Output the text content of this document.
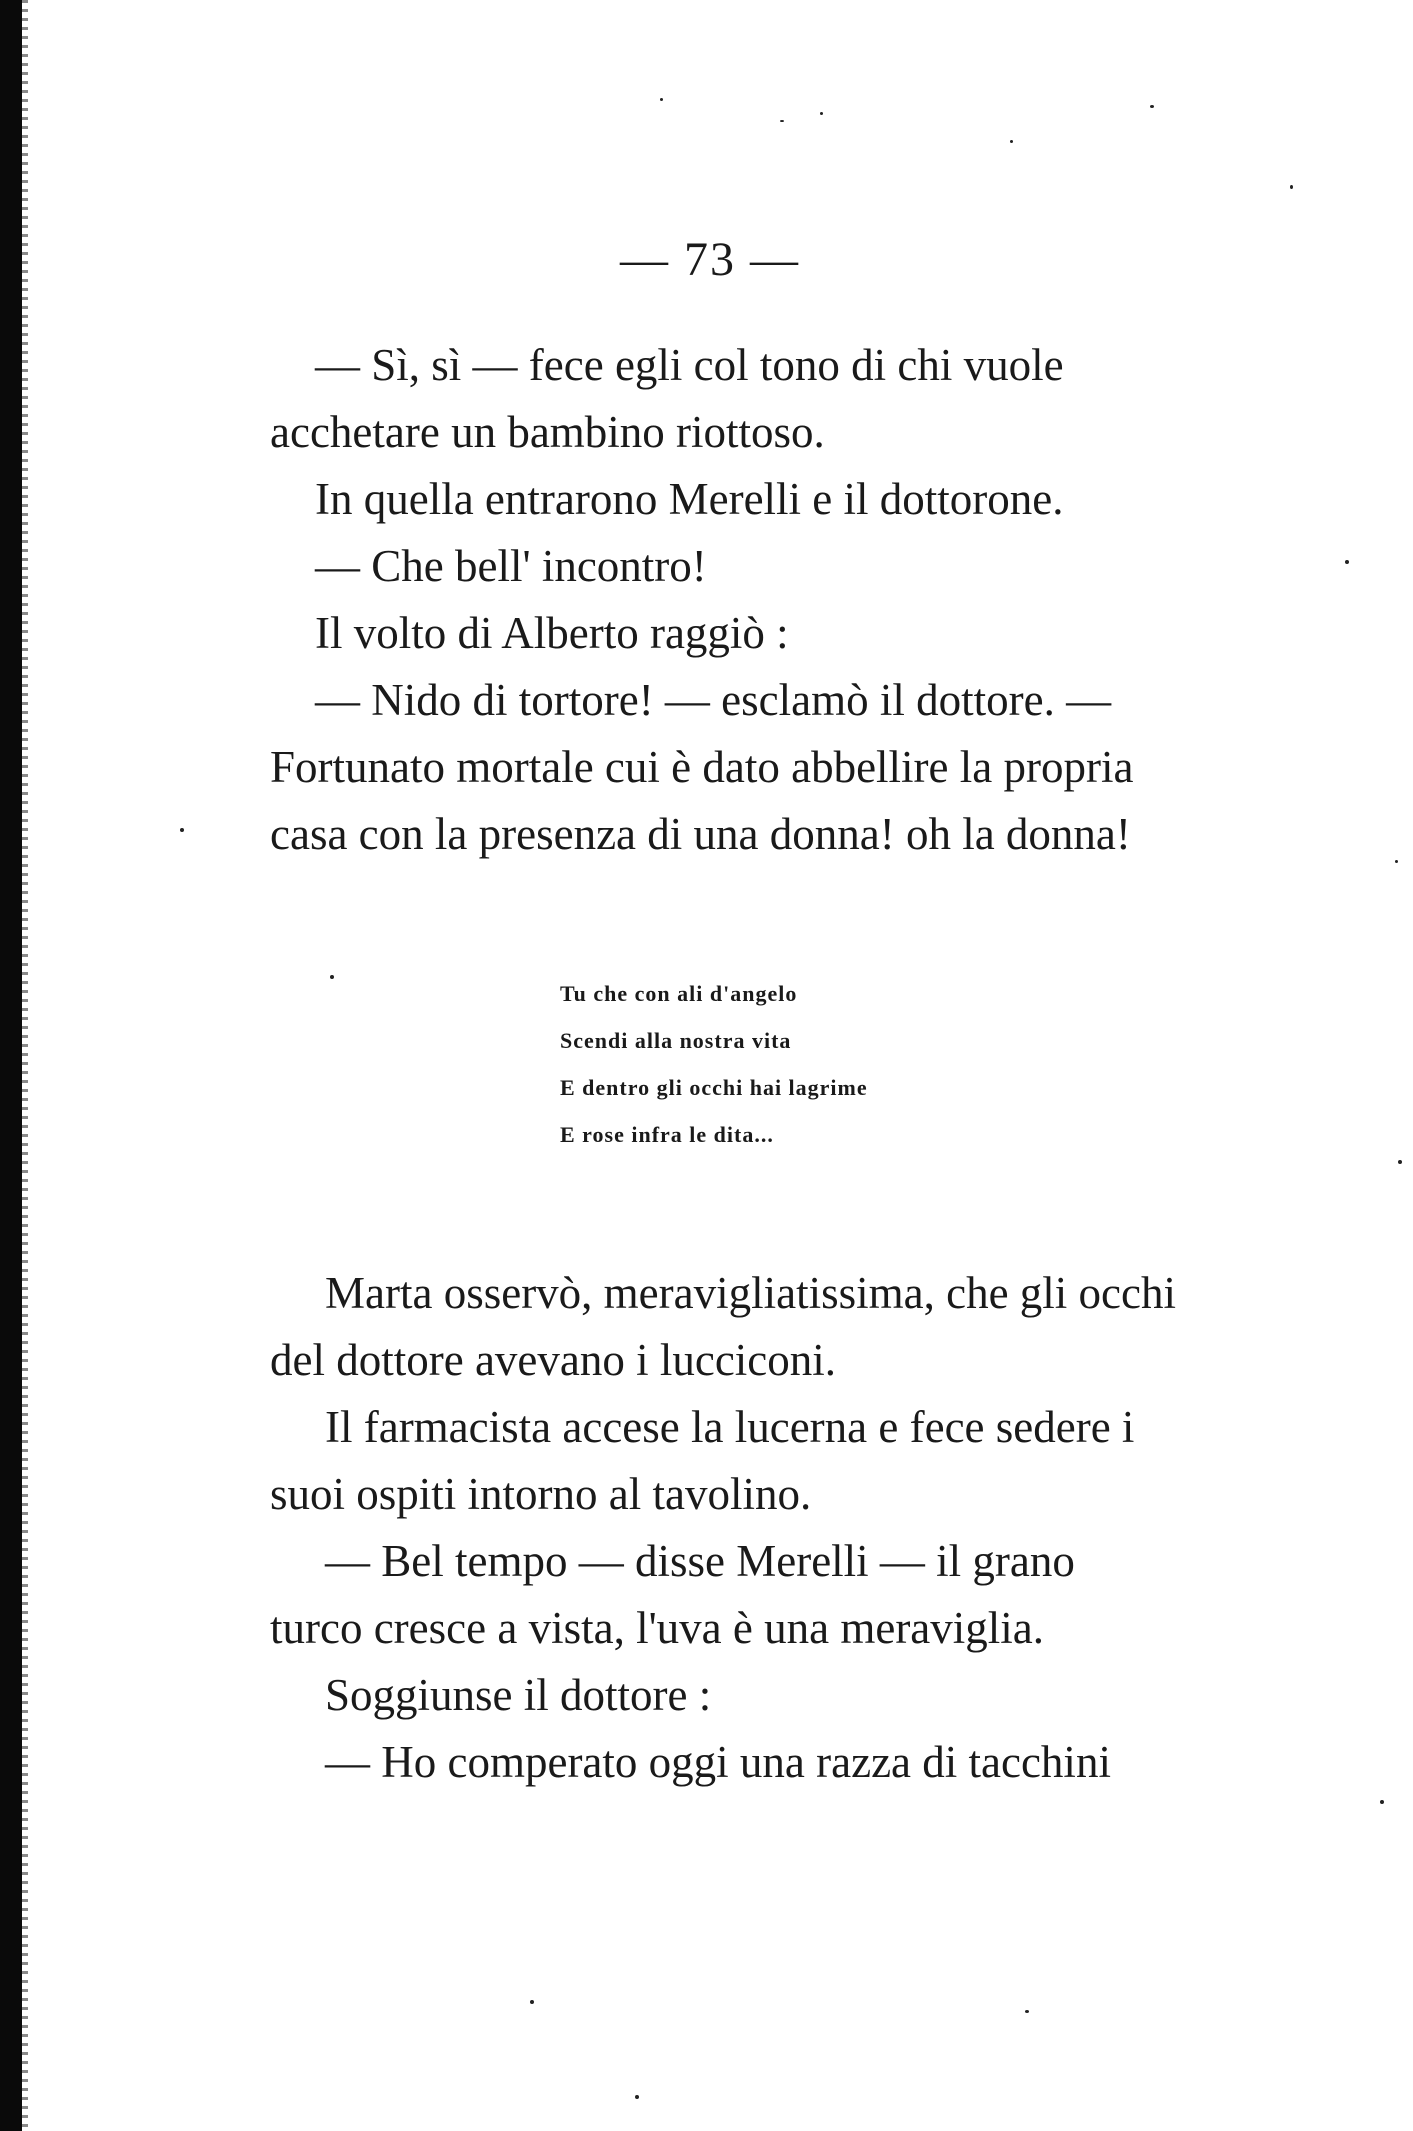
— 73 —

— Sì, sì — fece egli col tono di chi vuole
acchetare un bambino riottoso.

In quella entrarono Merelli e il dottorone.

— Che bell' incontro!

Il volto di Alberto raggiò :

— Nido di tortore! — esclamò il dottore. —
Fortunato mortale cui è dato abbellire la propria
casa con la presenza di una donna! oh la donna!

Tu che con ali d'angelo
Scendi alla nostra vita
E dentro gli occhi hai lagrime
E rose infra le dita...

Marta osservò, meravigliatissima, che gli occhi
del dottore avevano i lucciconi.

Il farmacista accese la lucerna e fece sedere i
suoi ospiti intorno al tavolino.

— Bel tempo — disse Merelli — il grano
turco cresce a vista, l'uva è una meraviglia.

Soggiunse il dottore :

— Ho comperato oggi una razza di tacchini
